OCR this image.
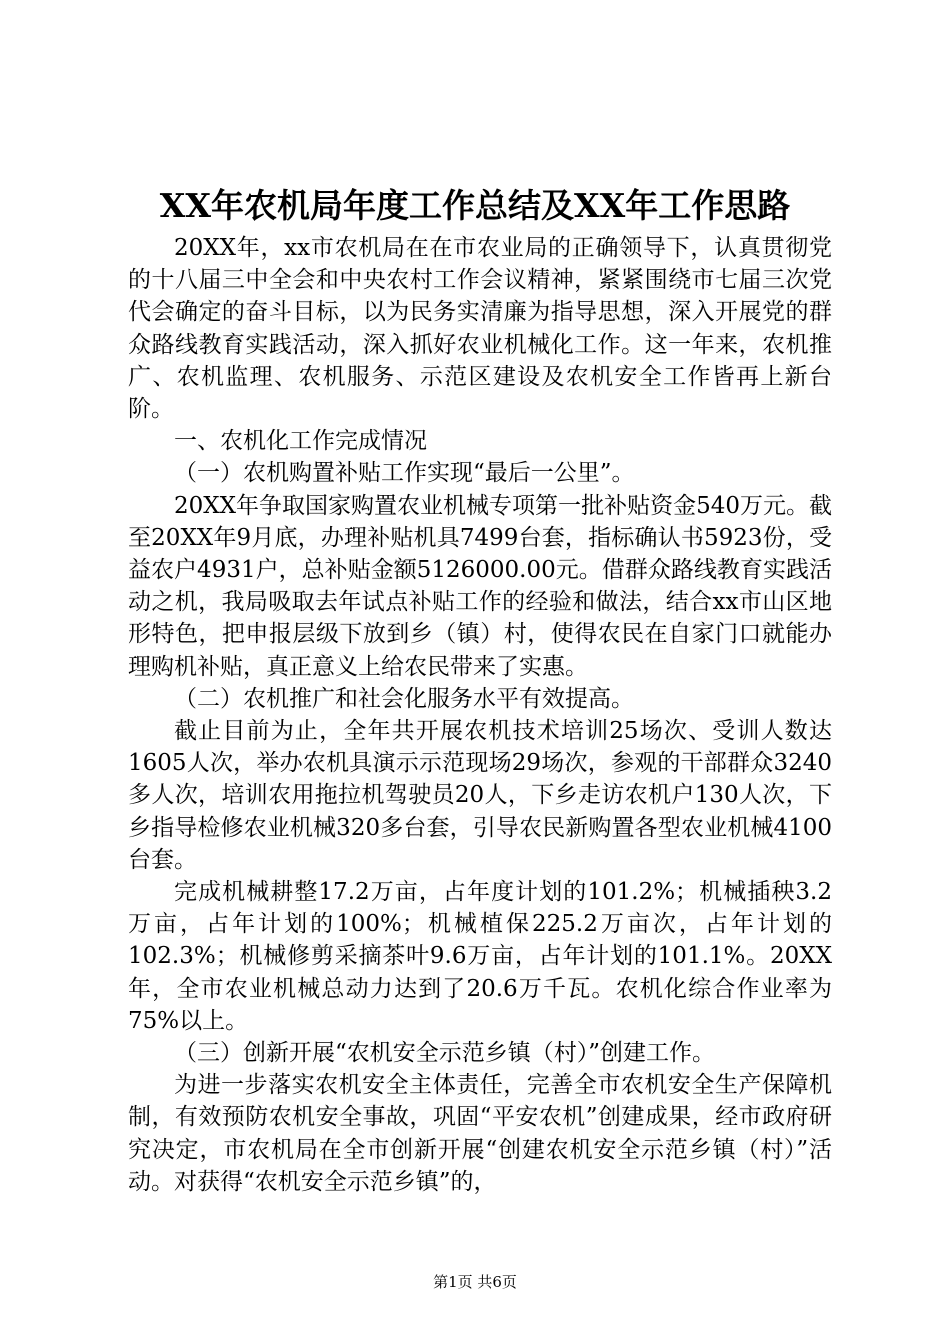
XX年农机局年度工作总结及XX年工作思路

20XX年，xx市农机局在在市农业局的正确领导下，认真贯彻党的十八届三中全会和中央农村工作会议精神，紧紧围绕市七届三次党代会确定的奋斗目标，以为民务实清廉为指导思想，深入开展党的群众路线教育实践活动，深入抓好农业机械化工作。这一年来，农机推广、农机监理、农机服务、示范区建设及农机安全工作皆再上新台阶。

一、农机化工作完成情况

（一）农机购置补贴工作实现“最后一公里”。

20XX年争取国家购置农业机械专项第一批补贴资金540万元。截至20XX年9月底，办理补贴机具7499台套，指标确认书5923份，受益农户4931户，总补贴金额5126000.00元。借群众路线教育实践活动之机，我局吸取去年试点补贴工作的经验和做法，结合xx市山区地形特色，把申报层级下放到乡（镇）村，使得农民在自家门口就能办理购机补贴，真正意义上给农民带来了实惠。

（二）农机推广和社会化服务水平有效提高。

截止目前为止，全年共开展农机技术培训25场次、受训人数达1605人次，举办农机具演示示范现场29场次，参观的干部群众3240多人次，培训农用拖拉机驾驶员20人，下乡走访农机户130人次，下乡指导检修农业机械320多台套，引导农民新购置各型农业机械4100台套。

完成机械耕整17.2万亩，占年度计划的101.2%；机械插秧3.2万亩，占年计划的100%；机械植保225.2万亩次，占年计划的102.3%；机械修剪采摘茶叶9.6万亩，占年计划的101.1%。20XX年，全市农业机械总动力达到了20.6万千瓦。农机化综合作业率为75%以上。

（三）创新开展“农机安全示范乡镇（村）”创建工作。

为进一步落实农机安全主体责任，完善全市农机安全生产保障机制，有效预防农机安全事故，巩固“平安农机”创建成果，经市政府研究决定，市农机局在全市创新开展“创建农机安全示范乡镇（村）”活动。对获得“农机安全示范乡镇”的，

第1页 共6页
